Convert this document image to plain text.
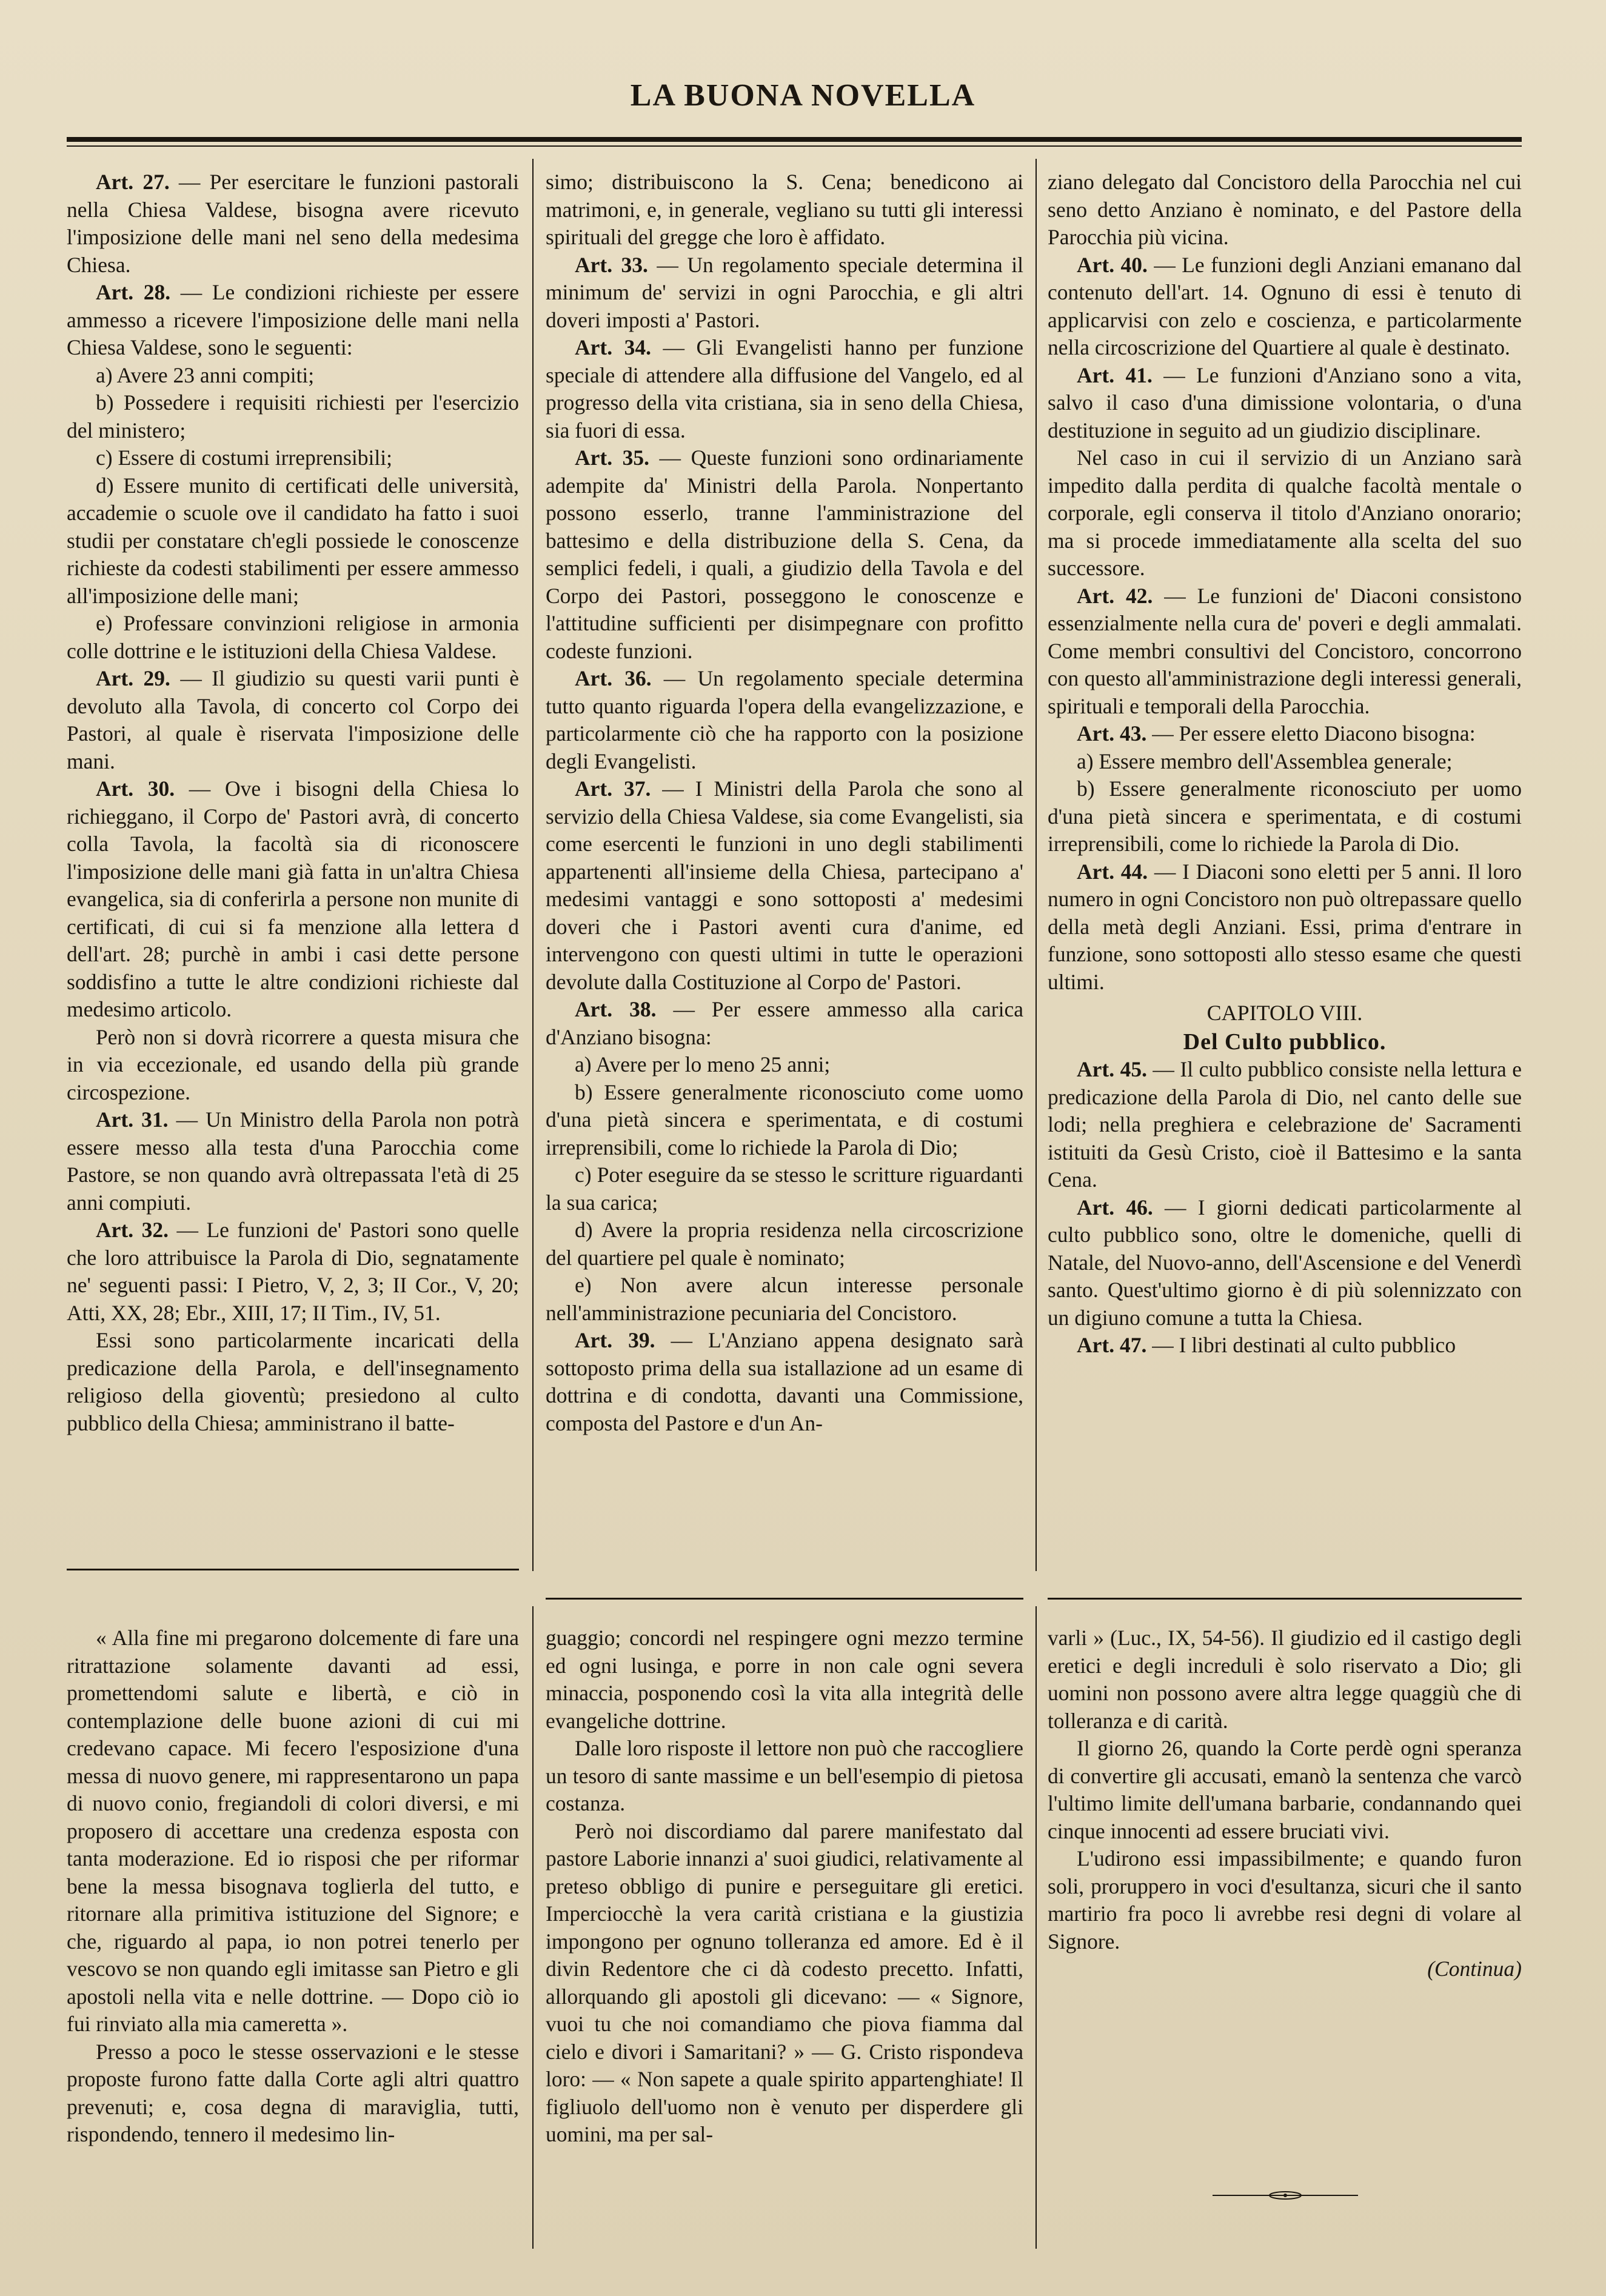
LA BUONA NOVELLA

Art. 27. — Per esercitare le funzioni pastorali nella Chiesa Valdese, bisogna avere ricevuto l'imposizione delle mani nel seno della medesima Chiesa.

Art. 28. — Le condizioni richieste per essere ammesso a ricevere l'imposizione delle mani nella Chiesa Valdese, sono le seguenti:

a) Avere 23 anni compiti;

b) Possedere i requisiti richiesti per l'esercizio del ministero;

c) Essere di costumi irreprensibili;

d) Essere munito di certificati delle università, accademie o scuole ove il candidato ha fatto i suoi studii per constatare ch'egli possiede le conoscenze richieste da codesti stabilimenti per essere ammesso all'imposizione delle mani;

e) Professare convinzioni religiose in armonia colle dottrine e le istituzioni della Chiesa Valdese.

Art. 29. — Il giudizio su questi varii punti è devoluto alla Tavola, di concerto col Corpo dei Pastori, al quale è riservata l'imposizione delle mani.

Art. 30. — Ove i bisogni della Chiesa lo richieggano, il Corpo de' Pastori avrà, di concerto colla Tavola, la facoltà sia di riconoscere l'imposizione delle mani già fatta in un'altra Chiesa evangelica, sia di conferirla a persone non munite di certificati, di cui si fa menzione alla lettera d dell'art. 28; purchè in ambi i casi dette persone soddisfino a tutte le altre condizioni richieste dal medesimo articolo.

Però non si dovrà ricorrere a questa misura che in via eccezionale, ed usando della più grande circospezione.

Art. 31. — Un Ministro della Parola non potrà essere messo alla testa d'una Parocchia come Pastore, se non quando avrà oltrepassata l'età di 25 anni compiuti.

Art. 32. — Le funzioni de' Pastori sono quelle che loro attribuisce la Parola di Dio, segnatamente ne' seguenti passi: I Pietro, V, 2, 3; II Cor., V, 20; Atti, XX, 28; Ebr., XIII, 17; II Tim., IV, 51.

Essi sono particolarmente incaricati della predicazione della Parola, e dell'insegnamento religioso della gioventù; presiedono al culto pubblico della Chiesa; amministrano il batte-

simo; distribuiscono la S. Cena; benedicono ai matrimoni, e, in generale, vegliano su tutti gli interessi spirituali del gregge che loro è affidato.

Art. 33. — Un regolamento speciale determina il minimum de' servizi in ogni Parocchia, e gli altri doveri imposti a' Pastori.

Art. 34. — Gli Evangelisti hanno per funzione speciale di attendere alla diffusione del Vangelo, ed al progresso della vita cristiana, sia in seno della Chiesa, sia fuori di essa.

Art. 35. — Queste funzioni sono ordinariamente adempite da' Ministri della Parola. Nonpertanto possono esserlo, tranne l'amministrazione del battesimo e della distribuzione della S. Cena, da semplici fedeli, i quali, a giudizio della Tavola e del Corpo dei Pastori, posseggono le conoscenze e l'attitudine sufficienti per disimpegnare con profitto codeste funzioni.

Art. 36. — Un regolamento speciale determina tutto quanto riguarda l'opera della evangelizzazione, e particolarmente ciò che ha rapporto con la posizione degli Evangelisti.

Art. 37. — I Ministri della Parola che sono al servizio della Chiesa Valdese, sia come Evangelisti, sia come esercenti le funzioni in uno degli stabilimenti appartenenti all'insieme della Chiesa, partecipano a' medesimi vantaggi e sono sottoposti a' medesimi doveri che i Pastori aventi cura d'anime, ed intervengono con questi ultimi in tutte le operazioni devolute dalla Costituzione al Corpo de' Pastori.

Art. 38. — Per essere ammesso alla carica d'Anziano bisogna:

a) Avere per lo meno 25 anni;

b) Essere generalmente riconosciuto come uomo d'una pietà sincera e sperimentata, e di costumi irreprensibili, come lo richiede la Parola di Dio;

c) Poter eseguire da se stesso le scritture riguardanti la sua carica;

d) Avere la propria residenza nella circoscrizione del quartiere pel quale è nominato;

e) Non avere alcun interesse personale nell'amministrazione pecuniaria del Concistoro.

Art. 39. — L'Anziano appena designato sarà sottoposto prima della sua istallazione ad un esame di dottrina e di condotta, davanti una Commissione, composta del Pastore e d'un An-

ziano delegato dal Concistoro della Parocchia nel cui seno detto Anziano è nominato, e del Pastore della Parocchia più vicina.

Art. 40. — Le funzioni degli Anziani emanano dal contenuto dell'art. 14. Ognuno di essi è tenuto di applicarvisi con zelo e coscienza, e particolarmente nella circoscrizione del Quartiere al quale è destinato.

Art. 41. — Le funzioni d'Anziano sono a vita, salvo il caso d'una dimissione volontaria, o d'una destituzione in seguito ad un giudizio disciplinare.

Nel caso in cui il servizio di un Anziano sarà impedito dalla perdita di qualche facoltà mentale o corporale, egli conserva il titolo d'Anziano onorario; ma si procede immediatamente alla scelta del suo successore.

Art. 42. — Le funzioni de' Diaconi consistono essenzialmente nella cura de' poveri e degli ammalati. Come membri consultivi del Concistoro, concorrono con questo all'amministrazione degli interessi generali, spirituali e temporali della Parocchia.

Art. 43. — Per essere eletto Diacono bisogna:

a) Essere membro dell'Assemblea generale;

b) Essere generalmente riconosciuto per uomo d'una pietà sincera e sperimentata, e di costumi irreprensibili, come lo richiede la Parola di Dio.

Art. 44. — I Diaconi sono eletti per 5 anni. Il loro numero in ogni Concistoro non può oltrepassare quello della metà degli Anziani. Essi, prima d'entrare in funzione, sono sottoposti allo stesso esame che questi ultimi.

CAPITOLO VIII.

Del Culto pubblico.

Art. 45. — Il culto pubblico consiste nella lettura e predicazione della Parola di Dio, nel canto delle sue lodi; nella preghiera e celebrazione de' Sacramenti istituiti da Gesù Cristo, cioè il Battesimo e la santa Cena.

Art. 46. — I giorni dedicati particolarmente al culto pubblico sono, oltre le domeniche, quelli di Natale, del Nuovo-anno, dell'Ascensione e del Venerdì santo. Quest'ultimo giorno è di più solennizzato con un digiuno comune a tutta la Chiesa.

Art. 47. — I libri destinati al culto pubblico

« Alla fine mi pregarono dolcemente di fare una ritrattazione solamente davanti ad essi, promettendomi salute e libertà, e ciò in contemplazione delle buone azioni di cui mi credevano capace. Mi fecero l'esposizione d'una messa di nuovo genere, mi rappresentarono un papa di nuovo conio, fregiandoli di colori diversi, e mi proposero di accettare una credenza esposta con tanta moderazione. Ed io risposi che per riformar bene la messa bisognava toglierla del tutto, e ritornare alla primitiva istituzione del Signore; e che, riguardo al papa, io non potrei tenerlo per vescovo se non quando egli imitasse san Pietro e gli apostoli nella vita e nelle dottrine. — Dopo ciò io fui rinviato alla mia cameretta ».

Presso a poco le stesse osservazioni e le stesse proposte furono fatte dalla Corte agli altri quattro prevenuti; e, cosa degna di maraviglia, tutti, rispondendo, tennero il medesimo lin-

guaggio; concordi nel respingere ogni mezzo termine ed ogni lusinga, e porre in non cale ogni severa minaccia, posponendo così la vita alla integrità delle evangeliche dottrine.

Dalle loro risposte il lettore non può che raccogliere un tesoro di sante massime e un bell'esempio di pietosa costanza.

Però noi discordiamo dal parere manifestato dal pastore Laborie innanzi a' suoi giudici, relativamente al preteso obbligo di punire e perseguitare gli eretici. Imperciocchè la vera carità cristiana e la giustizia impongono per ognuno tolleranza ed amore. Ed è il divin Redentore che ci dà codesto precetto. Infatti, allorquando gli apostoli gli dicevano: — « Signore, vuoi tu che noi comandiamo che piova fiamma dal cielo e divori i Samaritani? » — G. Cristo rispondeva loro: — « Non sapete a quale spirito appartenghiate! Il figliuolo dell'uomo non è venuto per disperdere gli uomini, ma per sal-

varli » (Luc., IX, 54-56). Il giudizio ed il castigo degli eretici e degli increduli è solo riservato a Dio; gli uomini non possono avere altra legge quaggiù che di tolleranza e di carità.

Il giorno 26, quando la Corte perdè ogni speranza di convertire gli accusati, emanò la sentenza che varcò l'ultimo limite dell'umana barbarie, condannando quei cinque innocenti ad essere bruciati vivi.

L'udirono essi impassibilmente; e quando furon soli, proruppero in voci d'esultanza, sicuri che il santo martirio fra poco li avrebbe resi degni di volare al Signore.

(Continua)
